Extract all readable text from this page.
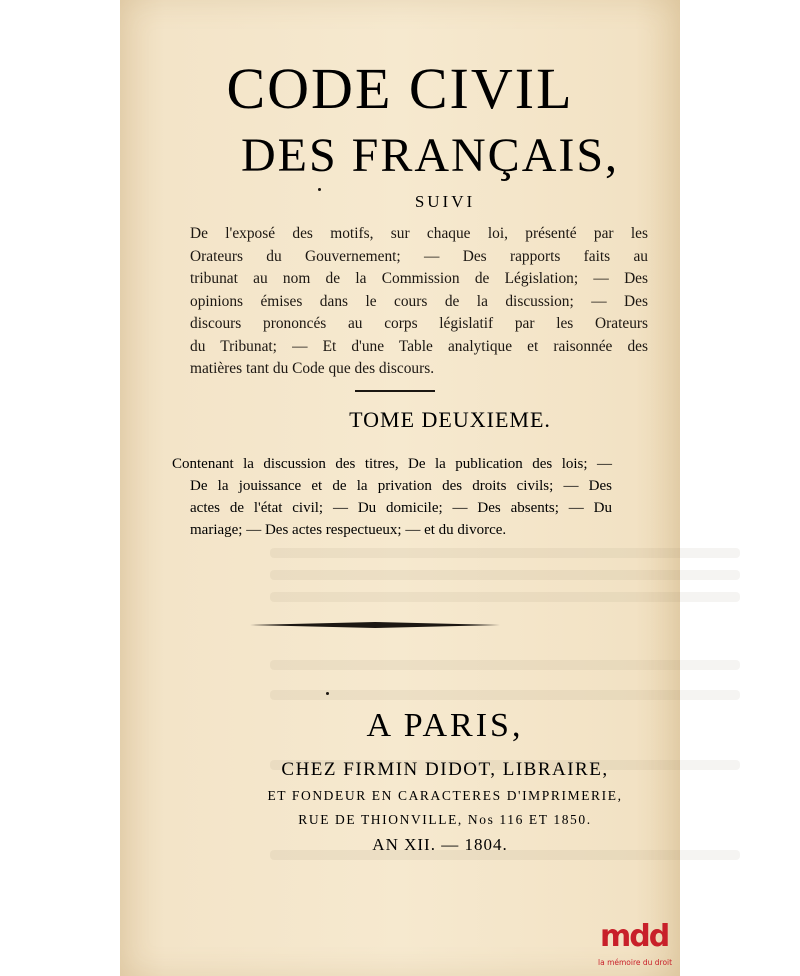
CODE CIVIL
DES FRANÇAIS,
SUIVI
De l'exposé des motifs, sur chaque loi, présenté par les
Orateurs du Gouvernement; — Des rapports faits au
tribunat au nom de la Commission de Législation; — Des
opinions émises dans le cours de la discussion; — Des
discours prononcés au corps législatif par les Orateurs
du Tribunat; — Et d'une Table analytique et raisonnée des
matières tant du Code que des discours.
TOME DEUXIEME.
Contenant la discussion des titres, De la publication des lois; —
De la jouissance et de la privation des droits civils; — Des
actes de l'état civil; — Du domicile; — Des absents; — Du
mariage; — Des actes respectueux; — et du divorce.
A PARIS,
CHEZ FIRMIN DIDOT, LIBRAIRE,
ET FONDEUR EN CARACTERES D'IMPRIMERIE,
RUE DE THIONVILLE, Nos 116 ET 1850.
AN XII. — 1804.
mdd
la mémoire du droit
